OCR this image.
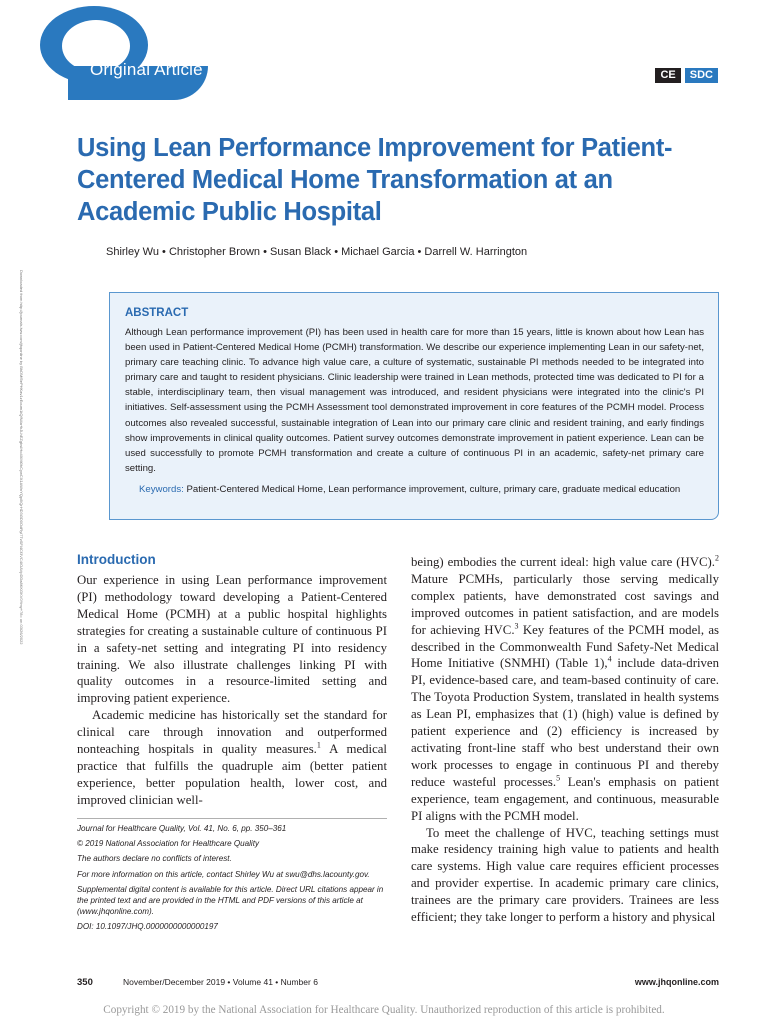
Original Article	CE	SDC
Using Lean Performance Improvement for Patient-Centered Medical Home Transformation at an Academic Public Hospital

Shirley Wu • Christopher Brown • Susan Black • Michael Garcia • Darrell W. Harrington

Downloaded from http://journals.lww.com/jhqonline by BhDMf5ePHKav1zEoum1tQfN4a+kJLhEZgbsIHo4XMi0hCywCX1AWnYQp/IlQrHD3i3D0OdRyi7TvSFl4Cf3VC4/OAVpDDa8KKGKV0Ymy+78= on 03/26/2022	ABSTRACT

Although Lean performance improvement (PI) has been used in health care for more than 15 years, little is known about how Lean has been used in Patient-Centered Medical Home (PCMH) transformation. We describe our experience implementing Lean in our safety-net, primary care teaching clinic. To advance high value care, a culture of systematic, sustainable PI methods needed to be integrated into primary care and taught to resident physicians. Clinic leadership were trained in Lean methods, protected time was dedicated to PI for a stable, interdisciplinary team, then visual management was introduced, and resident physicians were integrated into the clinic's PI initiatives. Self-assessment using the PCMH Assessment tool demonstrated improvement in core features of the PCMH model. Process outcomes also revealed successful, sustainable integration of Lean into our primary care clinic and resident training, and early findings show improvements in clinical quality outcomes. Patient survey outcomes demonstrate improvement in patient experience. Lean can be used successfully to promote PCMH transformation and create a culture of continuous PI in an academic, safety-net primary care setting.

Keywords: Patient-Centered Medical Home, Lean performance improvement, culture, primary care, graduate medical education

Introduction

Our experience in using Lean performance improvement (PI) methodology toward developing a Patient-Centered Medical Home (PCMH) at a public hospital highlights strategies for creating a sustainable culture of continuous PI in a safety-net setting and integrating PI into residency training. We also illustrate challenges linking PI with quality outcomes in a resource-limited setting and improving patient experience.

Academic medicine has historically set the standard for clinical care through innovation and outperformed nonteaching hospitals in quality measures.$^1$ A medical practice that fulfills the quadruple aim (better patient experience, better population health, lower cost, and improved clinician well-

being) embodies the current ideal: high value care (HVC).$^2$ Mature PCMHs, particularly those serving medically complex patients, have demonstrated cost savings and improved outcomes in patient satisfaction, and are models for achieving HVC.$^3$ Key features of the PCMH model, as described in the Commonwealth Fund Safety-Net Medical Home Initiative (SNMHI) (Table 1),$^4$ include data-driven PI, evidence-based care, and team-based continuity of care. The Toyota Production System, translated in health systems as Lean PI, emphasizes that (1) (high) value is defined by patient experience and (2) efficiency is increased by activating front-line staff who best understand their own work processes to engage in continuous PI and thereby reduce wasteful processes.$^5$ Lean's emphasis on patient experience, team engagement, and continuous, measurable PI aligns with the PCMH model.

To meet the challenge of HVC, teaching settings must make residency training high value to patients and health care systems. High value care requires efficient processes and provider expertise. In academic primary care clinics, trainees are the primary care providers. Trainees are less efficient; they take longer to perform a history and physical

Journal for Healthcare Quality, Vol. 41, No. 6, pp. 350–361

© 2019 National Association for Healthcare Quality

The authors declare no conflicts of interest.

For more information on this article, contact Shirley Wu at swu@dhs.lacounty.gov.

Supplemental digital content is available for this article. Direct URL citations appear in the printed text and are provided in the HTML and PDF versions of this article at (www.jhqonline.com).

DOI: 10.1097/JHQ.0000000000000197

350	November/December 2019 • Volume 41 • Number 6	www.jhqonline.com
Copyright © 2019 by the National Association for Healthcare Quality. Unauthorized reproduction of this article is prohibited.
